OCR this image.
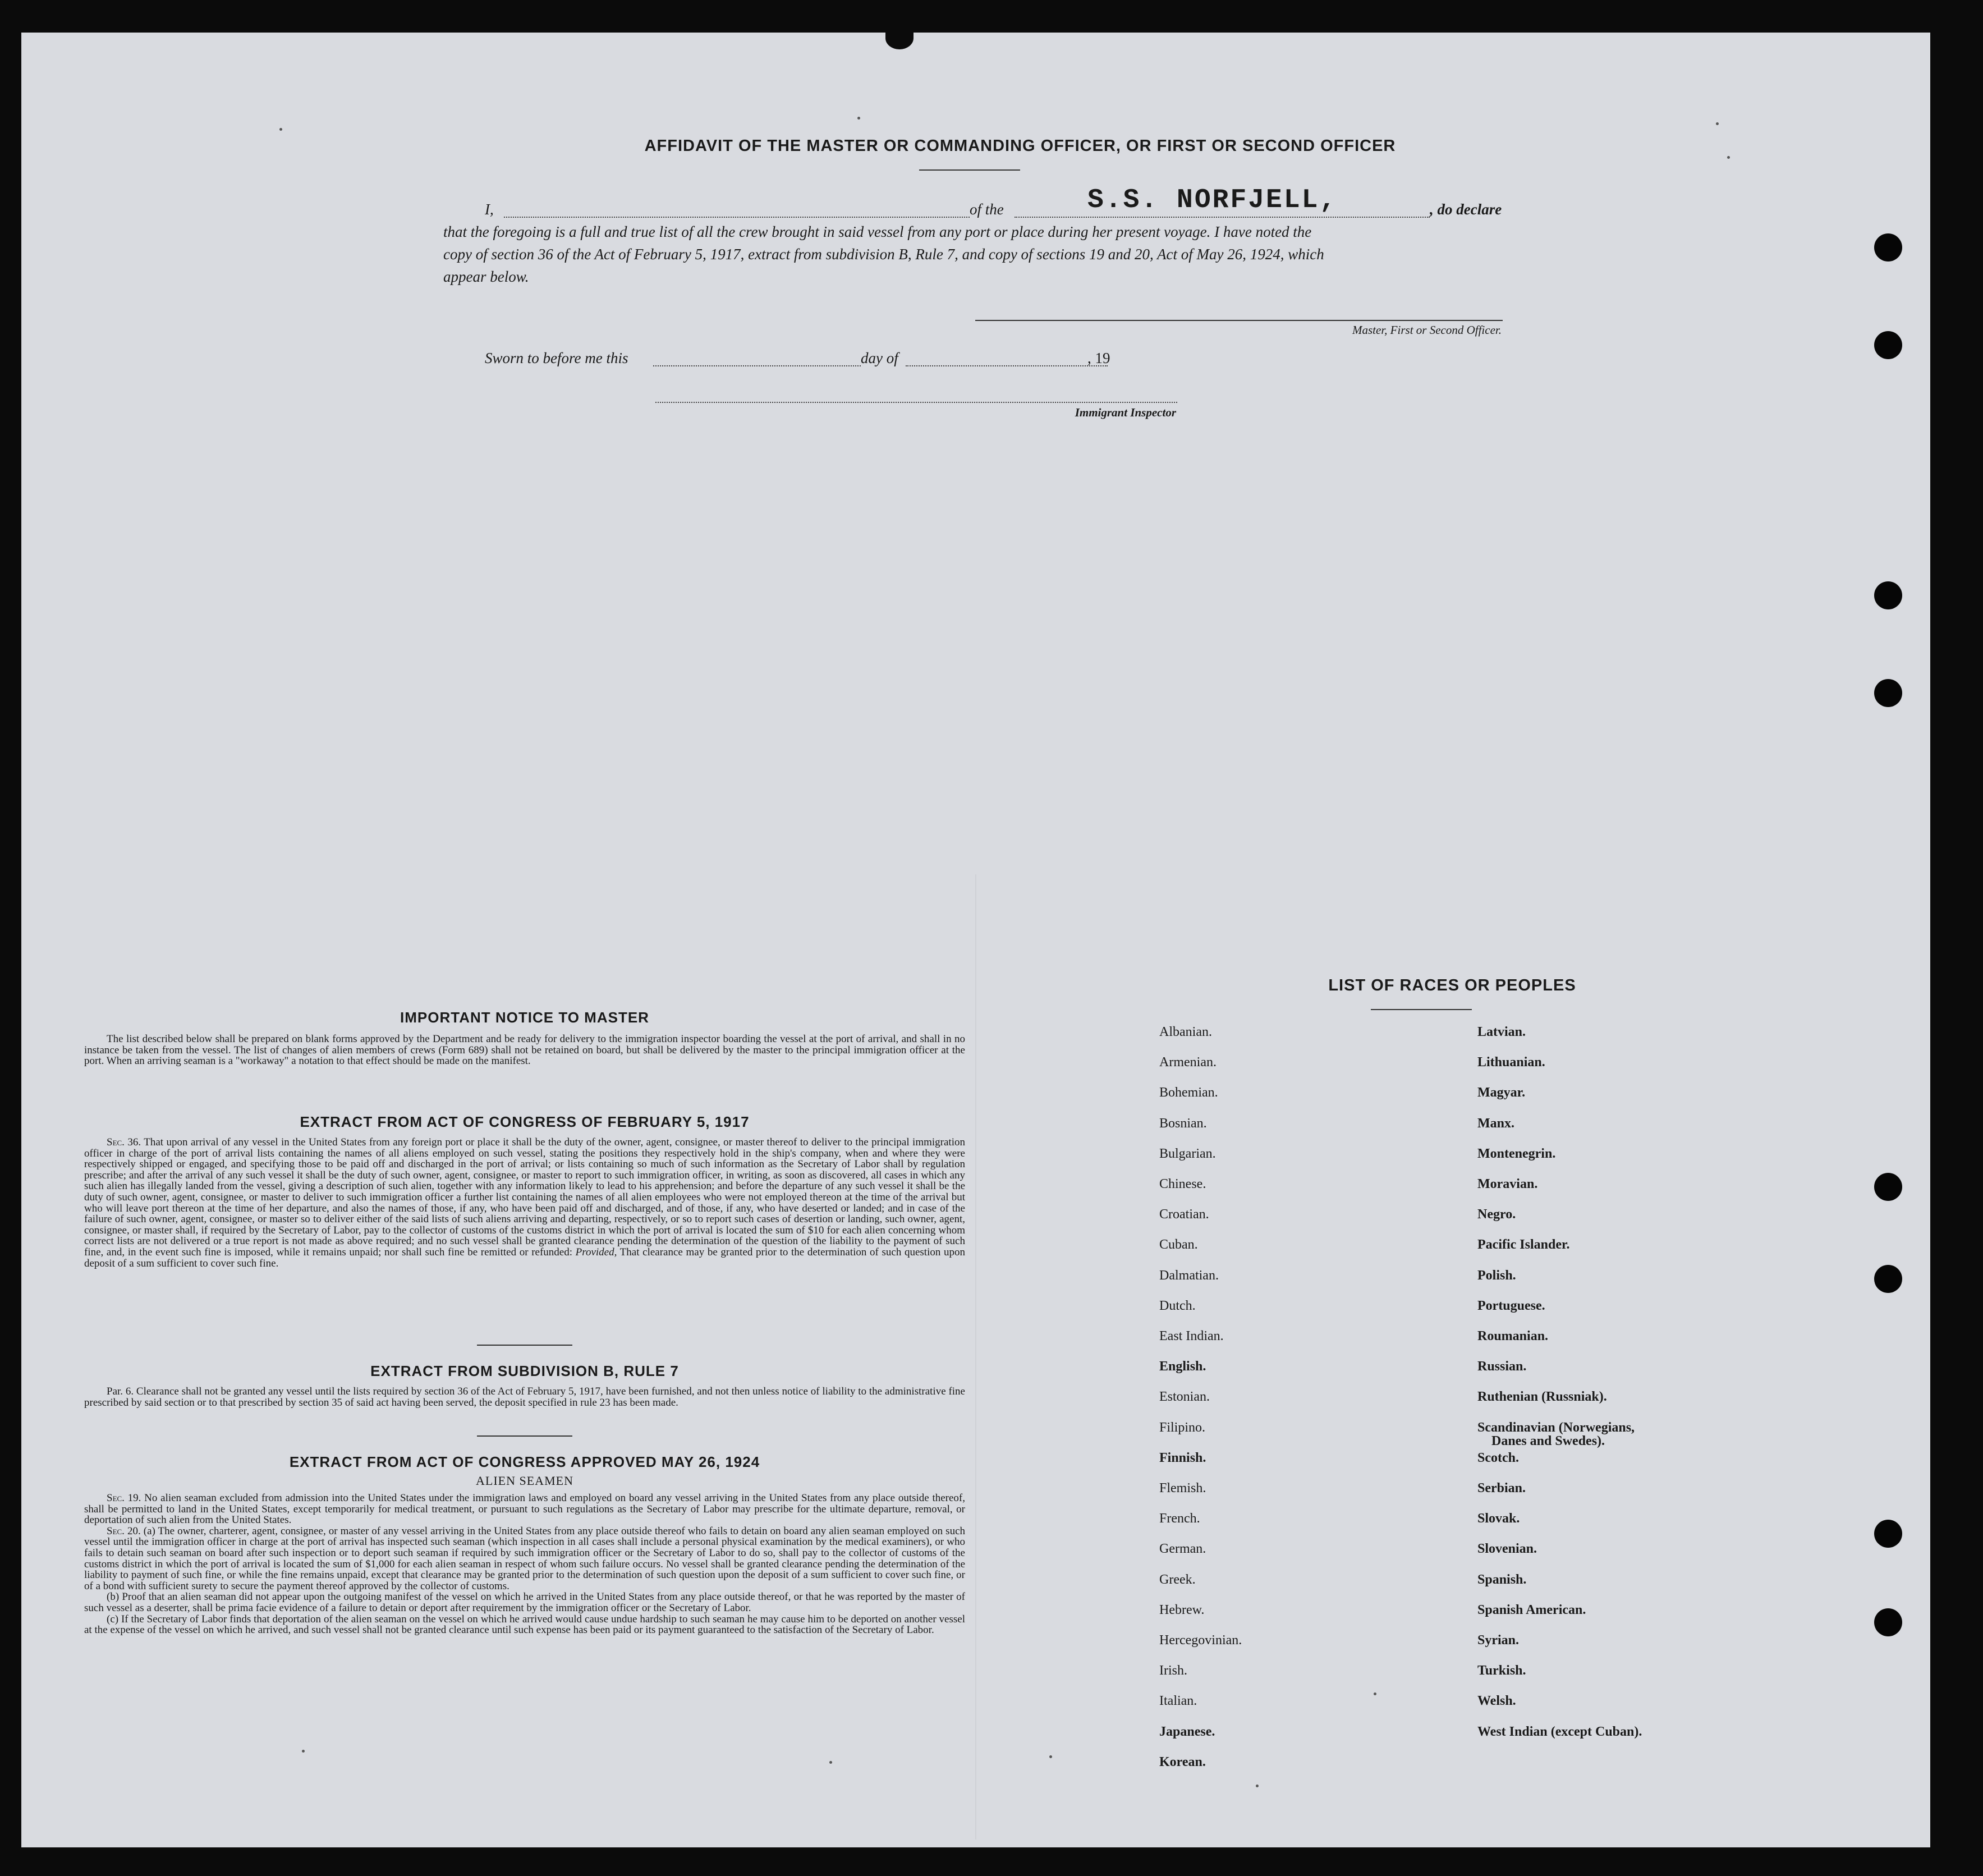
AFFIDAVIT OF THE MASTER OR COMMANDING OFFICER, OR FIRST OR SECOND OFFICER
I,	of the	S.S. NORFJELL,	, do declare
that the foregoing is a full and true list of all the crew brought in said vessel from any port or place during her present voyage. I have noted the
copy of section 36 of the Act of February 5, 1917, extract from subdivision B, Rule 7, and copy of sections 19 and 20, Act of May 26, 1924, which
appear below.
Master, First or Second Officer.
Sworn to before me this	day of	, 19
Immigrant Inspector
IMPORTANT NOTICE TO MASTER
The list described below shall be prepared on blank forms approved by the Department and be ready for delivery to the immigration inspector boarding the vessel at the port of arrival, and shall in no instance be taken from the vessel. The list of changes of alien members of crews (Form 689) shall not be retained on board, but shall be delivered by the master to the principal immigration officer at the port. When an arriving seaman is a "workaway" a notation to that effect should be made on the manifest.
EXTRACT FROM ACT OF CONGRESS OF FEBRUARY 5, 1917
Sec. 36. That upon arrival of any vessel in the United States from any foreign port or place it shall be the duty of the owner, agent, consignee, or master thereof to deliver to the principal immigration officer in charge of the port of arrival lists containing the names of all aliens employed on such vessel, stating the positions they respectively hold in the ship's company, when and where they were respectively shipped or engaged, and specifying those to be paid off and discharged in the port of arrival; or lists containing so much of such information as the Secretary of Labor shall by regulation prescribe; and after the arrival of any such vessel it shall be the duty of such owner, agent, consignee, or master to report to such immigration officer, in writing, as soon as discovered, all cases in which any such alien has illegally landed from the vessel, giving a description of such alien, together with any information likely to lead to his apprehension; and before the departure of any such vessel it shall be the duty of such owner, agent, consignee, or master to deliver to such immigration officer a further list containing the names of all alien employees who were not employed thereon at the time of the arrival but who will leave port thereon at the time of her departure, and also the names of those, if any, who have been paid off and discharged, and of those, if any, who have deserted or landed; and in case of the failure of such owner, agent, consignee, or master so to deliver either of the said lists of such aliens arriving and departing, respectively, or so to report such cases of desertion or landing, such owner, agent, consignee, or master shall, if required by the Secretary of Labor, pay to the collector of customs of the customs district in which the port of arrival is located the sum of $10 for each alien concerning whom correct lists are not delivered or a true report is not made as above required; and no such vessel shall be granted clearance pending the determination of the question of the liability to the payment of such fine, and, in the event such fine is imposed, while it remains unpaid; nor shall such fine be remitted or refunded: Provided, That clearance may be granted prior to the determination of such question upon deposit of a sum sufficient to cover such fine.
EXTRACT FROM SUBDIVISION B, RULE 7
Par. 6. Clearance shall not be granted any vessel until the lists required by section 36 of the Act of February 5, 1917, have been furnished, and not then unless notice of liability to the administrative fine prescribed by said section or to that prescribed by section 35 of said act having been served, the deposit specified in rule 23 has been made.
EXTRACT FROM ACT OF CONGRESS APPROVED MAY 26, 1924
ALIEN SEAMEN
Sec. 19. No alien seaman excluded from admission into the United States under the immigration laws and employed on board any vessel arriving in the United States from any place outside thereof, shall be permitted to land in the United States, except temporarily for medical treatment, or pursuant to such regulations as the Secretary of Labor may prescribe for the ultimate departure, removal, or deportation of such alien from the United States.
Sec. 20. (a) The owner, charterer, agent, consignee, or master of any vessel arriving in the United States from any place outside thereof who fails to detain on board any alien seaman employed on such vessel until the immigration officer in charge at the port of arrival has inspected such seaman (which inspection in all cases shall include a personal physical examination by the medical examiners), or who fails to detain such seaman on board after such inspection or to deport such seaman if required by such immigration officer or the Secretary of Labor to do so, shall pay to the collector of customs of the customs district in which the port of arrival is located the sum of $1,000 for each alien seaman in respect of whom such failure occurs. No vessel shall be granted clearance pending the determination of the liability to payment of such fine, or while the fine remains unpaid, except that clearance may be granted prior to the determination of such question upon the deposit of a sum sufficient to cover such fine, or of a bond with sufficient surety to secure the payment thereof approved by the collector of customs.
(b) Proof that an alien seaman did not appear upon the outgoing manifest of the vessel on which he arrived in the United States from any place outside thereof, or that he was reported by the master of such vessel as a deserter, shall be prima facie evidence of a failure to detain or deport after requirement by the immigration officer or the Secretary of Labor.
(c) If the Secretary of Labor finds that deportation of the alien seaman on the vessel on which he arrived would cause undue hardship to such seaman he may cause him to be deported on another vessel at the expense of the vessel on which he arrived, and such vessel shall not be granted clearance until such expense has been paid or its payment guaranteed to the satisfaction of the Secretary of Labor.
LIST OF RACES OR PEOPLES
Albanian.
Armenian.
Bohemian.
Bosnian.
Bulgarian.
Chinese.
Croatian.
Cuban.
Dalmatian.
Dutch.
East Indian.
English.
Estonian.
Filipino.
Finnish.
Flemish.
French.
German.
Greek.
Hebrew.
Hercegovinian.
Irish.
Italian.
Japanese.
Korean.
Latvian.
Lithuanian.
Magyar.
Manx.
Montenegrin.
Moravian.
Negro.
Pacific Islander.
Polish.
Portuguese.
Roumanian.
Russian.
Ruthenian (Russniak).
Scandinavian (Norwegians,
Danes and Swedes).
Scotch.
Serbian.
Slovak.
Slovenian.
Spanish.
Spanish American.
Syrian.
Turkish.
Welsh.
West Indian (except Cuban).
